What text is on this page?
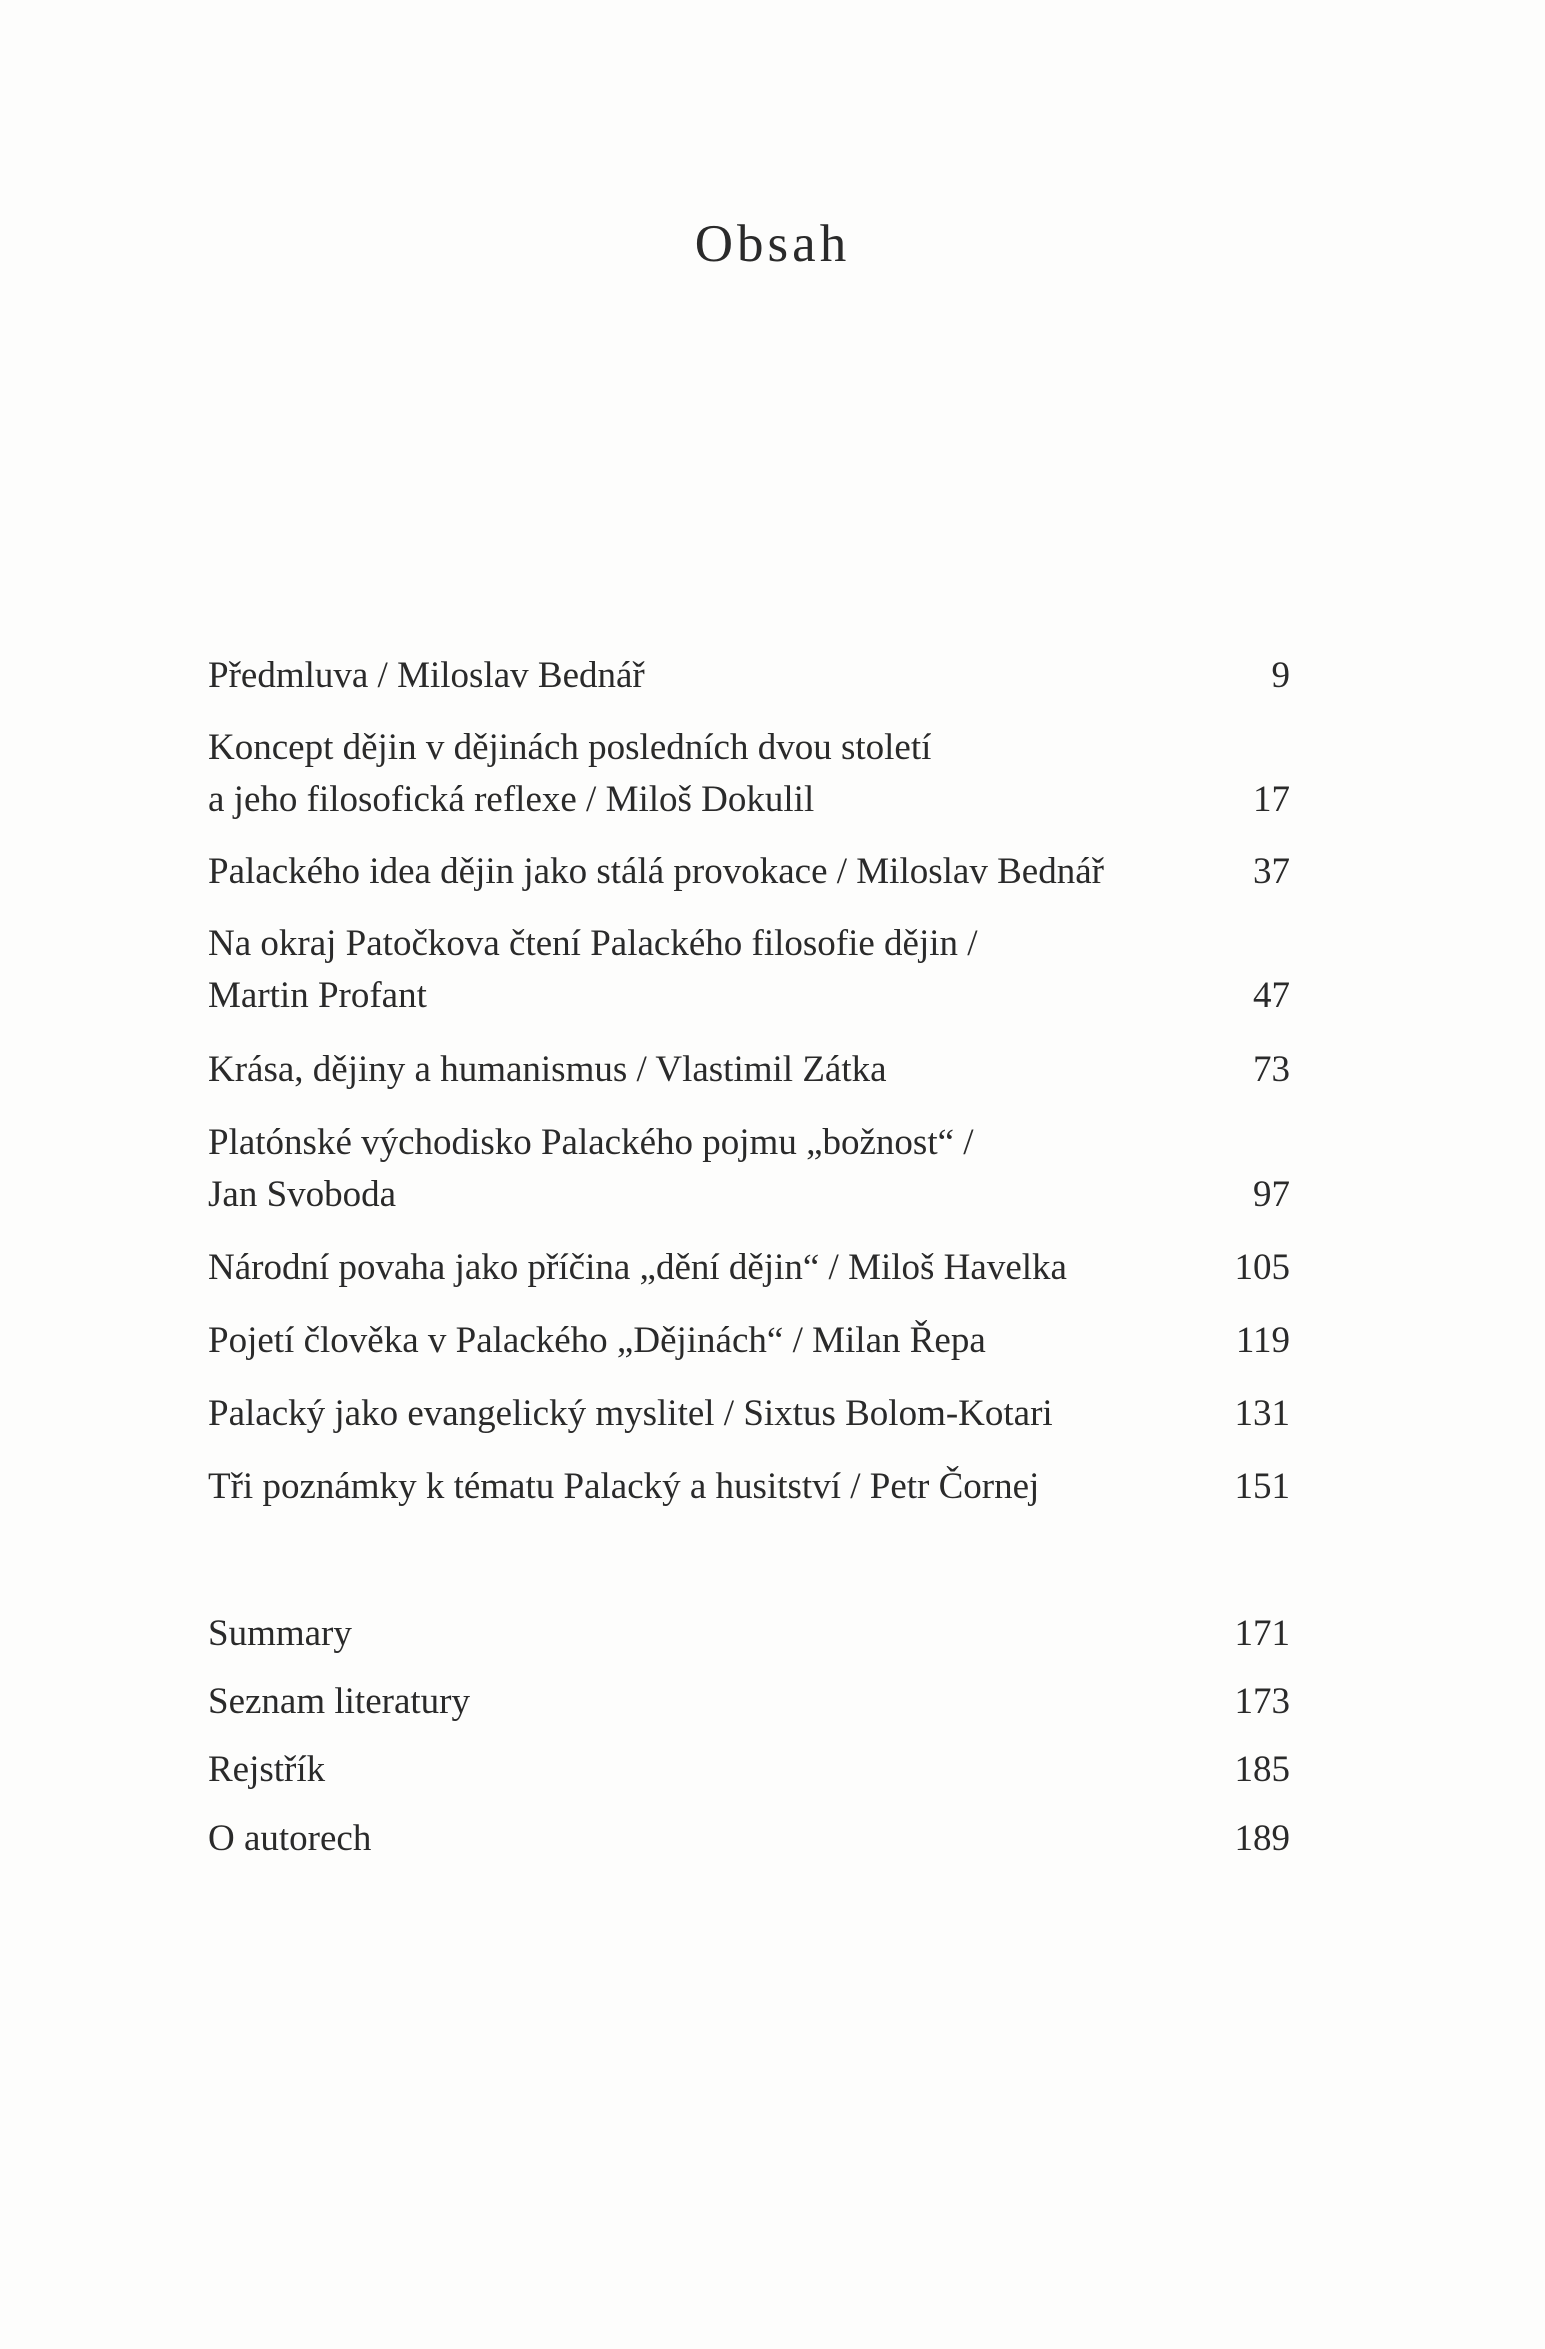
Obsah
Předmluva / Miloslav Bednář	9
Koncept dějin v dějinách posledních dvou století
a jeho filosofická reflexe / Miloš Dokulil	17
Palackého idea dějin jako stálá provokace / Miloslav Bednář	37
Na okraj Patočkova čtení Palackého filosofie dějin /
Martin Profant	47
Krása, dějiny a humanismus / Vlastimil Zátka	73
Platónské východisko Palackého pojmu „božnost“ /
Jan Svoboda	97
Národní povaha jako příčina „dění dějin“ / Miloš Havelka	105
Pojetí člověka v Palackého „Dějinách“ / Milan Řepa	119
Palacký jako evangelický myslitel / Sixtus Bolom-Kotari	131
Tři poznámky k tématu Palacký a husitství / Petr Čornej	151
Summary	171
Seznam literatury	173
Rejstřík	185
O autorech	189
